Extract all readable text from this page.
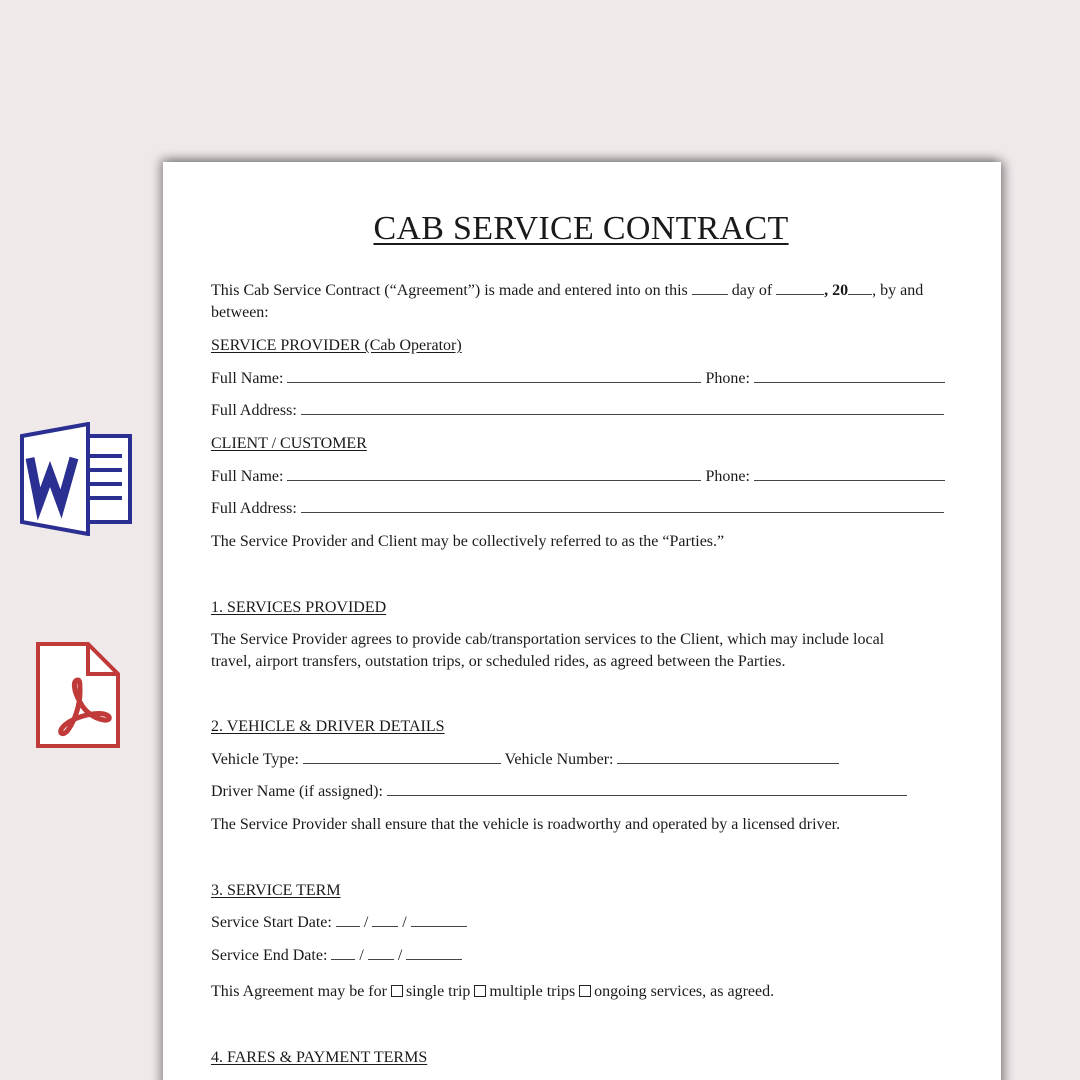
CAB SERVICE CONTRACT
This Cab Service Contract (“Agreement”) is made and entered into on this	day of	, 20 , by and
between:
SERVICE PROVIDER (Cab Operator)
Full Name:	Phone:
Full Address:
CLIENT / CUSTOMER
Full Name:	Phone:
Full Address:
The Service Provider and Client may be collectively referred to as the “Parties.”
1. SERVICES PROVIDED
The Service Provider agrees to provide cab/transportation services to the Client, which may include local
travel, airport transfers, outstation trips, or scheduled rides, as agreed between the Parties.
2. VEHICLE & DRIVER DETAILS
Vehicle Type:	Vehicle Number:
Driver Name (if assigned):
The Service Provider shall ensure that the vehicle is roadworthy and operated by a licensed driver.
3. SERVICE TERM
Service Start Date:  /  /
Service End Date:  /  /
This Agreement may be for single trip multiple trips ongoing services, as agreed.
4. FARES & PAYMENT TERMS
